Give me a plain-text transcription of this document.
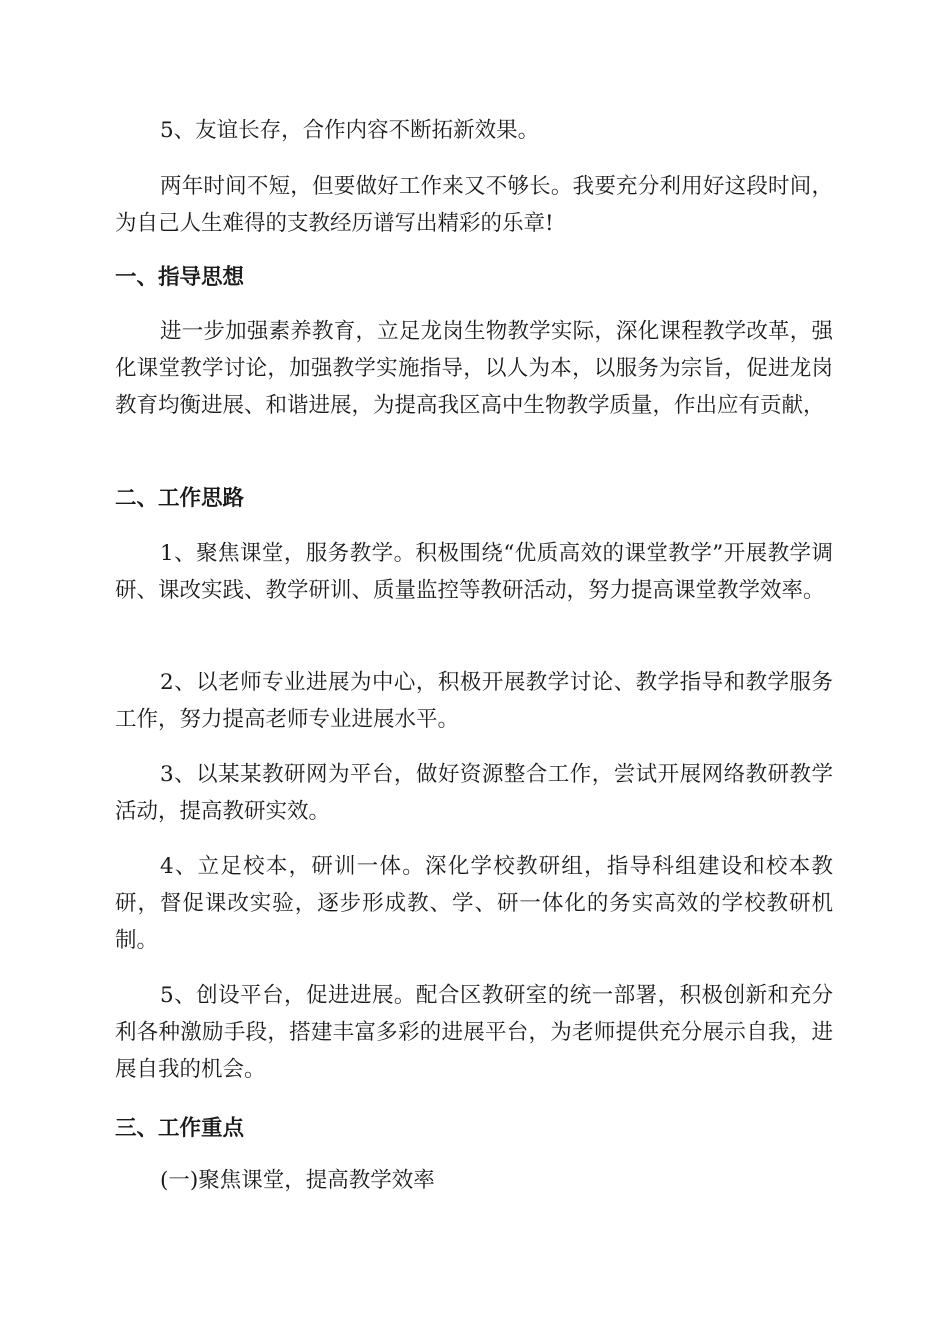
5、友谊长存，合作内容不断拓新效果。

两年时间不短，但要做好工作来又不够长。我要充分利用好这段时间，为自己人生难得的支教经历谱写出精彩的乐章!

一、指导思想

进一步加强素养教育，立足龙岗生物教学实际，深化课程教学改革，强化课堂教学讨论，加强教学实施指导，以人为本，以服务为宗旨，促进龙岗教育均衡进展、和谐进展，为提高我区高中生物教学质量，作出应有贡献，

二、工作思路

1、聚焦课堂，服务教学。积极围绕“优质高效的课堂教学”开展教学调研、课改实践、教学研训、质量监控等教研活动，努力提高课堂教学效率。

2、以老师专业进展为中心，积极开展教学讨论、教学指导和教学服务工作，努力提高老师专业进展水平。

3、以某某教研网为平台，做好资源整合工作，尝试开展网络教研教学活动，提高教研实效。

4、立足校本，研训一体。深化学校教研组，指导科组建设和校本教研，督促课改实验，逐步形成教、学、研一体化的务实高效的学校教研机制。

5、创设平台，促进进展。配合区教研室的统一部署，积极创新和充分利各种激励手段，搭建丰富多彩的进展平台，为老师提供充分展示自我，进展自我的机会。

三、工作重点

(一)聚焦课堂，提高教学效率
